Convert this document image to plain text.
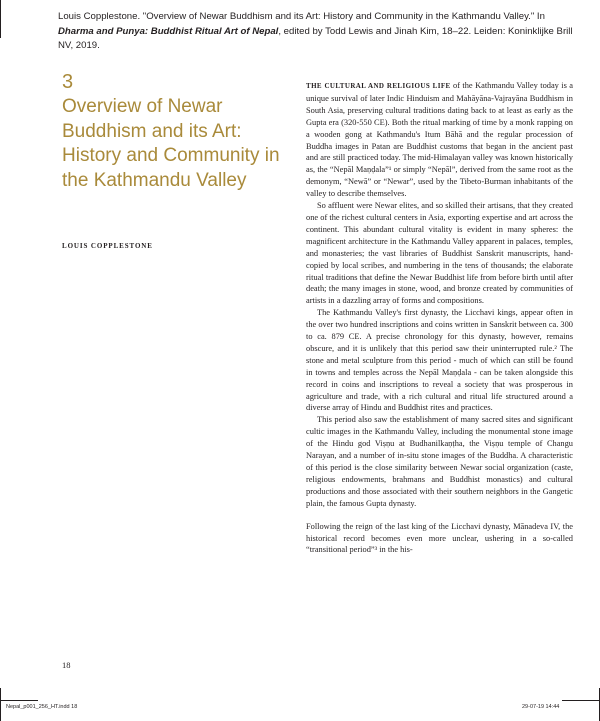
Louis Copplestone. "Overview of Newar Buddhism and its Art: History and Community in the Kathmandu Valley." In Dharma and Punya: Buddhist Ritual Art of Nepal, edited by Todd Lewis and Jinah Kim, 18–22. Leiden: Koninklijke Brill NV, 2019.
3
Overview of Newar Buddhism and its Art: History and Community in the Kathmandu Valley
LOUIS COPPLESTONE

THE CULTURAL AND RELIGIOUS LIFE of the Kathmandu Valley today is a unique survival of later Indic Hinduism and Mahāyāna-Vajrayāna Buddhism in South Asia, preserving cultural traditions dating back to at least as early as the Gupta era (320-550 CE). Both the ritual marking of time by a monk rapping on a wooden gong at Kathmandu's Itum Bāhā and the regular procession of Buddha images in Patan are Buddhist customs that began in the ancient past and are still practiced today. The mid-Himalayan valley was known historically as, the “Nepāl Maṇḍala”¹ or simply “Nepāl”, derived from the same root as the demonym, “Newā” or “Newar”, used by the Tibeto-Burman inhabitants of the valley to describe themselves.

So affluent were Newar elites, and so skilled their artisans, that they created one of the richest cultural centers in Asia, exporting expertise and art across the continent. This abundant cultural vitality is evident in many spheres: the magnificent architecture in the Kathmandu Valley apparent in palaces, temples, and monasteries; the vast libraries of Buddhist Sanskrit manuscripts, hand-copied by local scribes, and numbering in the tens of thousands; the elaborate ritual traditions that define the Newar Buddhist life from before birth until after death; the many images in stone, wood, and bronze created by communities of artists in a dazzling array of forms and compositions.

The Kathmandu Valley's first dynasty, the Licchavi kings, appear often in the over two hundred inscriptions and coins written in Sanskrit between ca. 300 to ca. 879 CE. A precise chronology for this dynasty, however, remains obscure, and it is unlikely that this period saw their uninterrupted rule.² The stone and metal sculpture from this period - much of which can still be found in towns and temples across the Nepāl Maṇḍala - can be taken alongside this record in coins and inscriptions to reveal a society that was prosperous in agriculture and trade, with a rich cultural and ritual life structured around a diverse array of Hindu and Buddhist rites and practices.

This period also saw the establishment of many sacred sites and significant cultic images in the Kathmandu Valley, including the monumental stone image of the Hindu god Viṣṇu at Budhanilkaṇṭha, the Viṣṇu temple of Changu Narayan, and a number of in-situ stone images of the Buddha. A characteristic of this period is the close similarity between Newar social organization (caste, religious endowments, brahmans and Buddhist monastics) and cultural productions and those associated with their southern neighbors in the Gangetic plain, the famous Gupta dynasty.

Following the reign of the last king of the Licchavi dynasty, Mānadeva IV, the historical record becomes even more unclear, ushering in a so-called “transitional period”³ in the his-

18
Nepal_p001_256_HT.indd 18	29-07-19 14:44
